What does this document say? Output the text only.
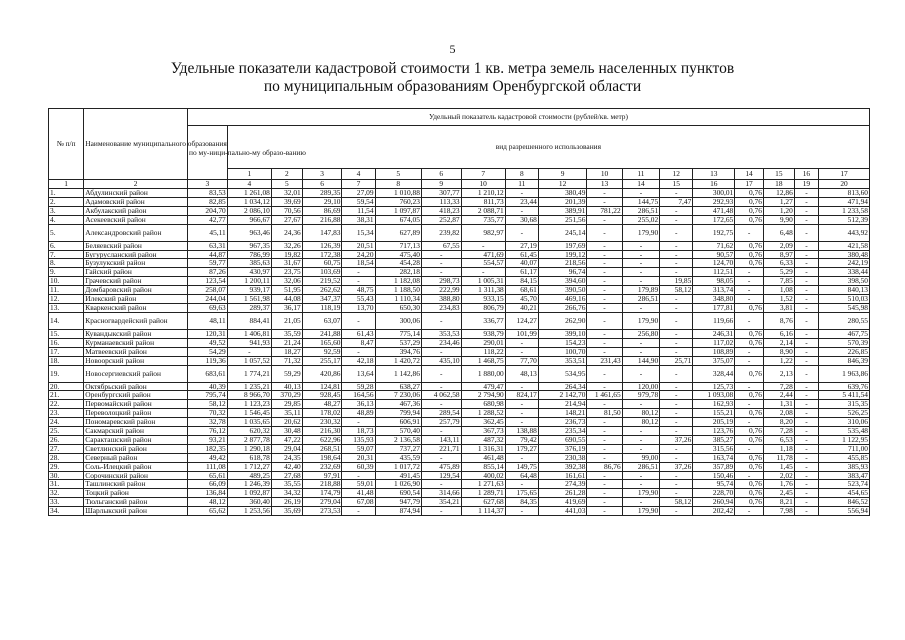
5
Удельные показатели кадастровой стоимости 1 кв. метра земель населенных пунктов
по муниципальным образованиям Оренбургской области
№ п/п	Наименование муниципального образования	Удельный показатель кадастровой стоимости (рублей/кв. метр)																	
		по му-ници-пально-му образо-ванию	вид разрешенного использования																
			1	2	3	4	5	6	7	8	9	10	11	12	13	14	15	16	17
1	2	3	4	5	6	7	8	9	10	11	12	13	14	15	16	17	18	19	20
1.	Абдулинский район	83,53	1 261,08	32,01	289,35	27,09	1 010,88	307,77	1 210,12	-	380,49	-	-	-	300,01	0,76	12,86	-	813,60
2.	Адамовский район	82,85	1 034,12	39,69	29,10	59,54	760,23	113,33	811,73	23,44	201,39	-	144,75	7,47	292,93	0,76	1,27	-	471,94
3.	Акбулакский район	204,70	2 086,10	70,56	86,69	11,54	1 097,87	418,23	2 088,71	-	389,91	781,22	286,51	-	471,48	0,76	1,20	-	1 233,58
4.	Асекеевский район	42,77	966,67	27,67	216,88	38,31	674,05	252,87	735,77	30,68	251,56	-	255,02	-	172,65	0,76	9,90	-	512,39
5.	Александровский район	45,11	963,46	24,36	147,83	15,34	627,89	239,82	982,97	-	245,14	-	179,90	-	192,75	-	6,48	-	443,92
6.	Беляевский район	63,31	967,35	32,26	126,39	20,51	717,13	67,55	-	27,19	197,69	-	-	-	71,62	0,76	2,09	-	421,58
7.	Бугурусланский район	44,87	786,99	19,82	172,38	24,20	475,40	-	471,69	61,45	199,12	-	-	-	90,57	0,76	8,97	-	380,48
8.	Бузулукский район	59,77	385,63	31,67	60,75	18,54	454,28	-	554,57	40,07	218,56	-	-	-	124,70	0,76	6,33	-	242,19
9.	Гайский район	87,26	430,97	23,75	103,69	-	282,18	-	-	61,17	96,74	-	-	-	112,51	-	5,29	-	338,44
10.	Грачевский район	123,54	1 200,11	32,06	219,52	-	1 182,08	298,73	1 005,31	84,15	394,60	-	-	19,85	98,05	-	7,85	-	398,50
11.	Домбаровский район	258,07	939,17	51,95	262,62	48,75	1 188,50	222,99	1 311,38	68,61	390,50	-	179,89	58,12	313,74	-	1,08	-	840,13
12.	Илекский район	244,04	1 561,98	44,08	347,37	55,43	1 110,34	388,80	933,15	45,70	469,16	-	286,51	-	348,80	-	1,52	-	510,03
13.	Кваркенский район	69,63	289,37	36,17	118,19	13,70	650,30	234,83	806,79	40,21	266,76	-	-	-	177,81	0,76	3,81	-	545,98
14.	Красногвардейский район	48,11	884,41	21,05	63,07	-	300,06	-	336,77	124,27	262,90	-	179,90	-	119,66	-	8,76	-	280,55
15.	Кувандыкский район	120,31	1 406,81	35,59	241,88	61,43	775,14	353,53	938,79	101,99	399,10	-	256,80	-	246,31	0,76	6,16	-	467,75
16.	Курманаевский район	49,52	941,93	21,24	165,60	8,47	537,29	234,46	290,01	-	154,23	-	-	-	117,02	0,76	2,14	-	570,39
17.	Матвеевский район	54,29	-	18,27	92,59	-	394,76	-	118,22	-	100,70	-	-	-	108,89	-	8,90	-	226,85
18.	Новоорский район	119,36	1 057,52	71,32	255,17	42,18	1 420,72	435,10	1 468,75	77,70	353,51	231,43	144,90	25,71	375,07	-	1,22	-	846,39
19.	Новосергиевский район	683,61	1 774,21	59,29	420,86	13,64	1 142,86	-	1 880,00	48,13	534,95	-	-	-	328,44	0,76	2,13	-	1 963,86
20.	Октябрьский район	40,39	1 235,21	40,13	124,81	59,28	638,27	-	479,47	-	264,34	-	120,00	-	125,73	-	7,28	-	639,76
21.	Оренбургский район	795,74	8 966,70	370,29	928,45	164,56	7 230,06	4 062,58	2 794,90	824,17	2 142,70	1 461,65	979,78	-	1 093,08	0,76	2,44	-	5 411,54
22.	Первомайский район	58,12	1 123,23	29,85	48,27	36,13	467,36	-	680,98	-	214,94	-	-	-	162,93	-	1,31	-	315,35
23.	Переволоцкий район	70,32	1 546,45	35,11	178,02	48,89	799,94	289,54	1 288,52	-	148,21	81,50	80,12	-	155,21	0,76	2,08	-	526,25
24.	Пономаревский район	32,78	1 035,65	20,62	230,32	-	606,91	257,79	362,45	-	236,73	-	80,12	-	205,19	-	8,20	-	310,06
25.	Сакмарский район	76,12	620,32	30,48	216,30	18,73	570,40	-	367,73	138,88	235,34	-	-	-	123,76	0,76	7,28	-	535,48
26.	Саракташский район	93,21	2 877,78	47,22	622,96	135,93	2 136,58	143,11	487,32	79,42	690,55	-	-	37,26	385,27	0,76	6,53	-	1 122,95
27.	Светлинский район	182,35	1 290,18	29,04	268,51	59,07	737,27	221,71	1 316,31	179,27	376,19	-	-	-	315,56	-	1,18	-	711,00
28.	Северный район	49,42	618,78	24,35	198,64	20,31	435,59	-	461,48	-	230,38	-	99,00	-	163,74	0,76	11,78	-	455,85
29.	Соль-Илецкий район	111,08	1 712,27	42,40	232,69	60,39	1 017,72	475,89	855,14	149,75	392,38	86,76	286,51	37,26	357,89	0,76	1,45	-	385,93
30.	Сорочинский район	65,61	489,25	27,68	97,91	-	491,45	129,54	400,02	64,48	161,61	-	-	-	150,46	-	2,02	-	383,47
31.	Ташлинский район	66,09	1 246,39	35,55	218,88	59,01	1 026,90	-	1 271,63	-	274,39	-	-	-	95,74	0,76	1,76	-	523,74
32.	Тоцкий район	136,84	1 092,87	34,32	174,79	41,48	690,54	314,66	1 289,71	175,65	261,28	-	179,90	-	228,70	0,76	2,45	-	454,65
33.	Тюльганский район	48,12	360,40	26,19	279,04	67,08	947,79	354,21	627,68	84,35	419,69	-	-	58,12	260,94	0,76	8,21	-	846,52
34.	Шарлыкский район	65,62	1 253,56	35,69	273,53	-	874,94	-	1 114,37	-	441,03	-	179,90	-	202,42	-	7,98	-	556,94
